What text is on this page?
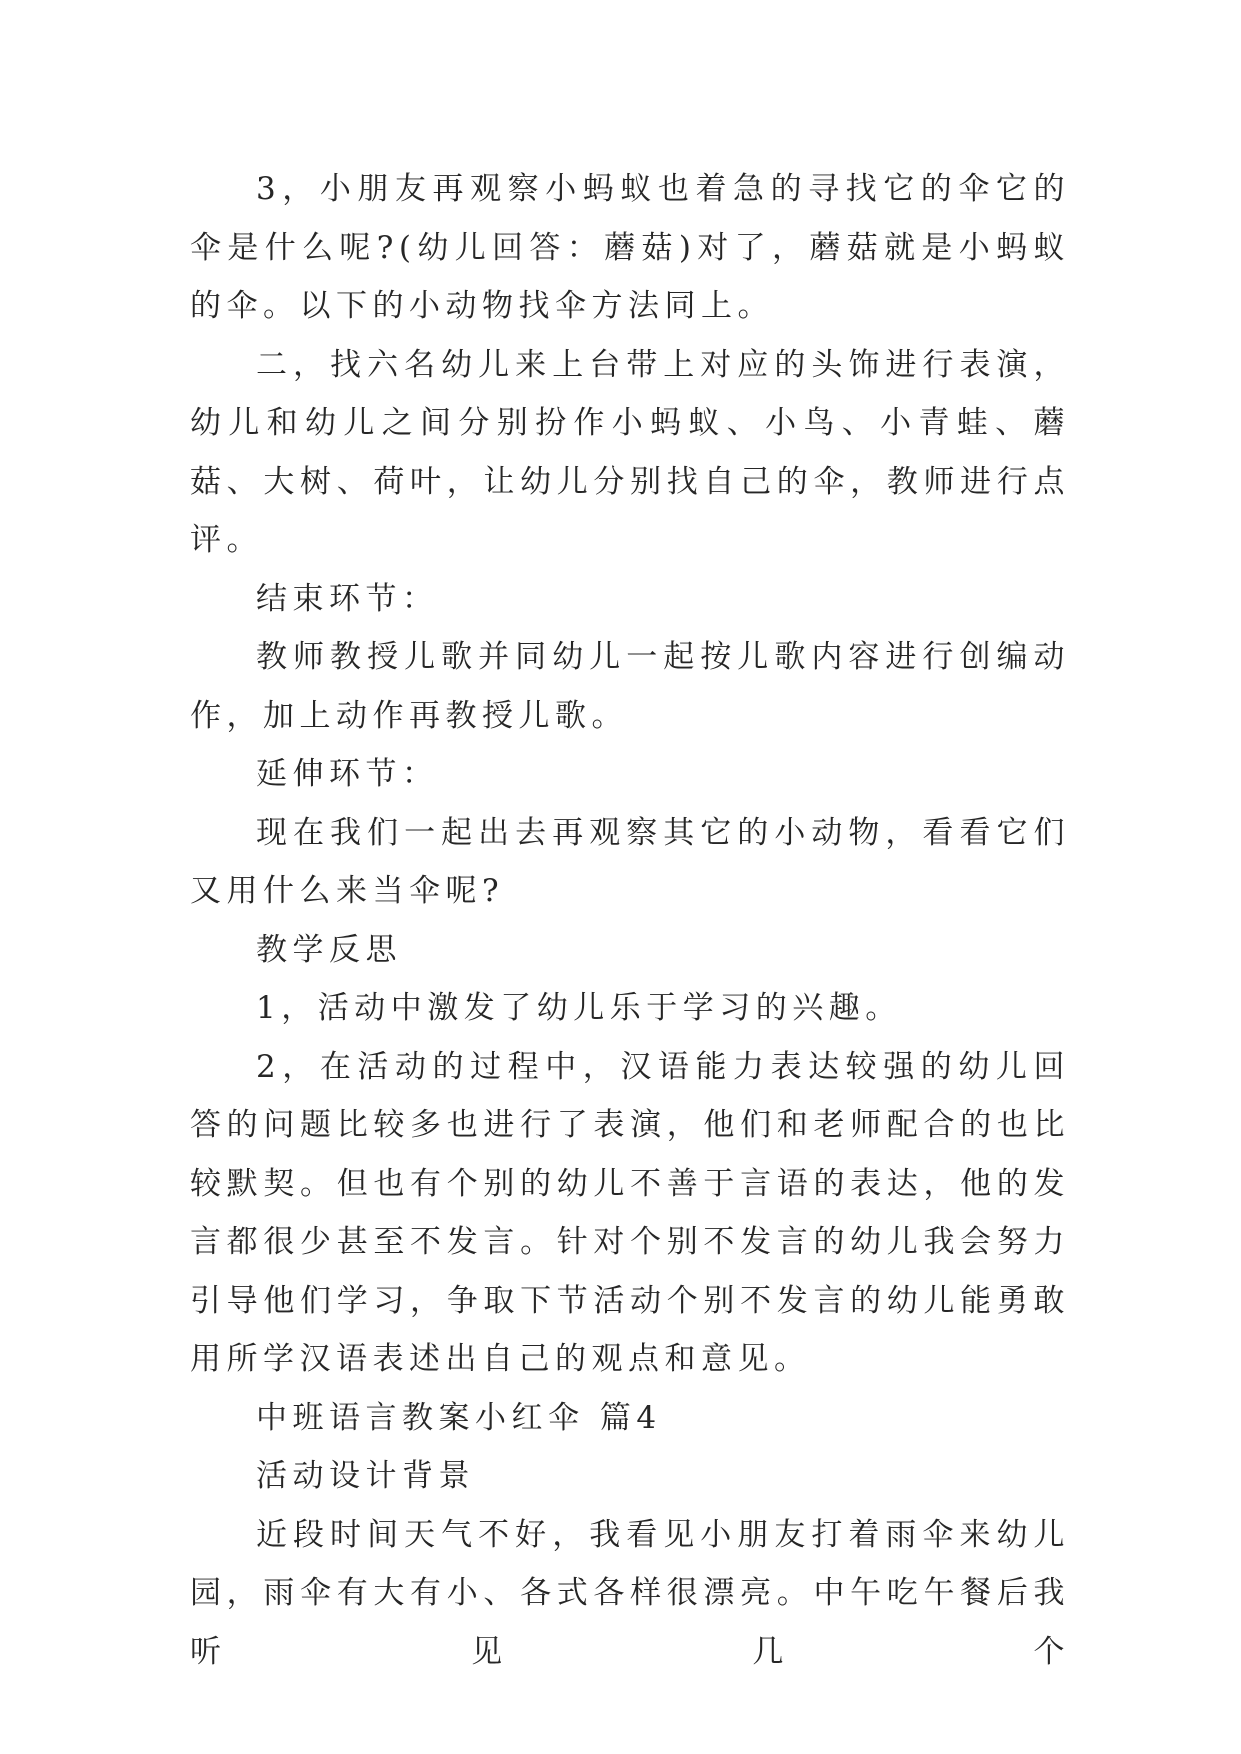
3，小朋友再观察小蚂蚁也着急的寻找它的伞它的伞是什么呢?(幼儿回答：蘑菇)对了，蘑菇就是小蚂蚁的伞。以下的小动物找伞方法同上。

二，找六名幼儿来上台带上对应的头饰进行表演，幼儿和幼儿之间分别扮作小蚂蚁、小鸟、小青蛙、蘑菇、大树、荷叶，让幼儿分别找自己的伞，教师进行点评。

结束环节：

教师教授儿歌并同幼儿一起按儿歌内容进行创编动作，加上动作再教授儿歌。

延伸环节：

现在我们一起出去再观察其它的小动物，看看它们又用什么来当伞呢?

教学反思

1，活动中激发了幼儿乐于学习的兴趣。

2，在活动的过程中，汉语能力表达较强的幼儿回答的问题比较多也进行了表演，他们和老师配合的也比较默契。但也有个别的幼儿不善于言语的表达，他的发言都很少甚至不发言。针对个别不发言的幼儿我会努力引导他们学习，争取下节活动个别不发言的幼儿能勇敢用所学汉语表述出自己的观点和意见。

中班语言教案小红伞 篇4

活动设计背景

近段时间天气不好，我看见小朋友打着雨伞来幼儿园，雨伞有大有小、各式各样很漂亮。中午吃午餐后我听见几个
